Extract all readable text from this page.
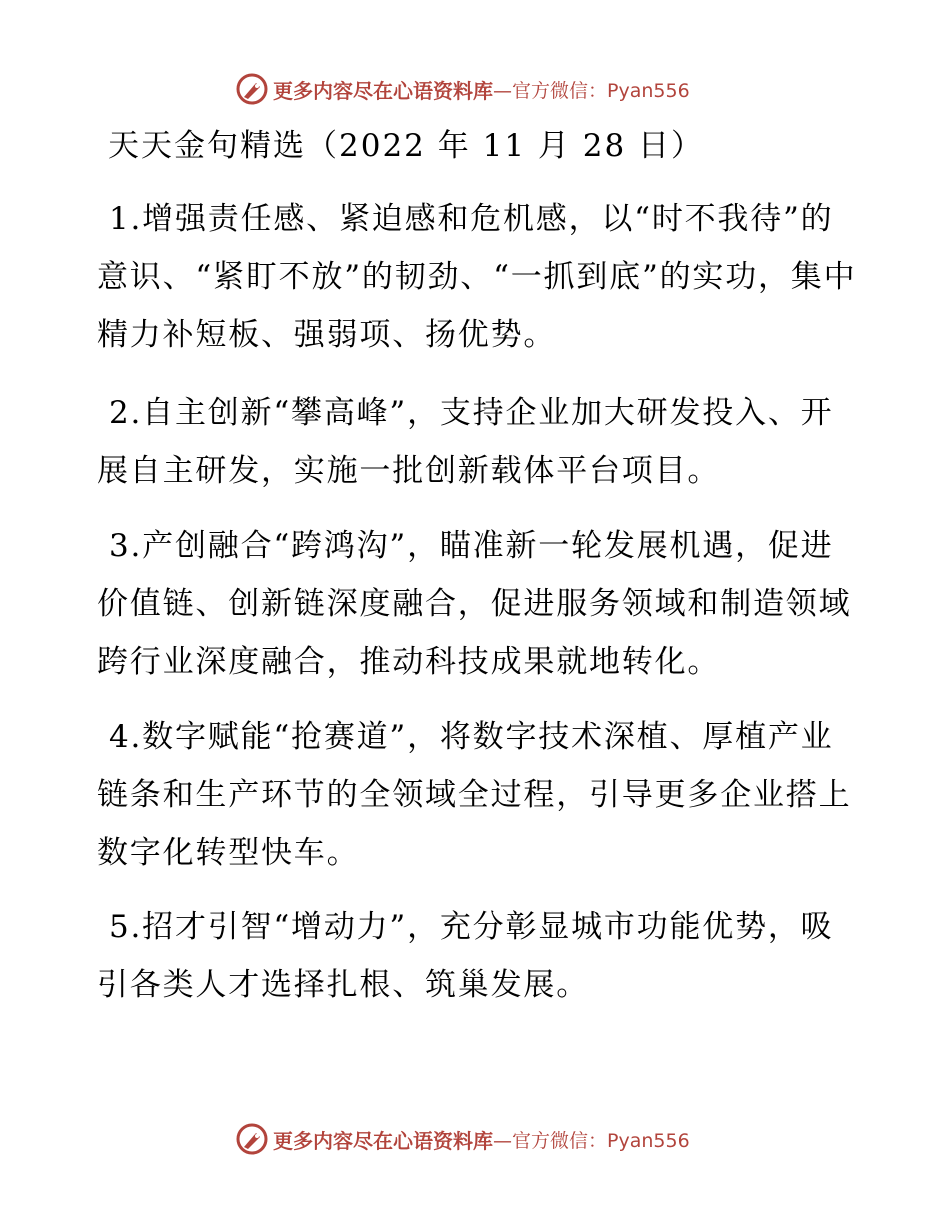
更多内容尽在心语资料库 —官方微信：Pyan556
天天金句精选（2022 年 11 月 28 日）

1.增强责任感、紧迫感和危机感，以“时不我待”的意识、“紧盯不放”的韧劲、“一抓到底”的实功，集中精力补短板、强弱项、扬优势。

2.自主创新“攀高峰”，支持企业加大研发投入、开展自主研发，实施一批创新载体平台项目。

3.产创融合“跨鸿沟”，瞄准新一轮发展机遇，促进价值链、创新链深度融合，促进服务领域和制造领域跨行业深度融合，推动科技成果就地转化。

4.数字赋能“抢赛道”，将数字技术深植、厚植产业链条和生产环节的全领域全过程，引导更多企业搭上数字化转型快车。

5.招才引智“增动力”，充分彰显城市功能优势，吸引各类人才选择扎根、筑巢发展。

更多内容尽在心语资料库 —官方微信：Pyan556
